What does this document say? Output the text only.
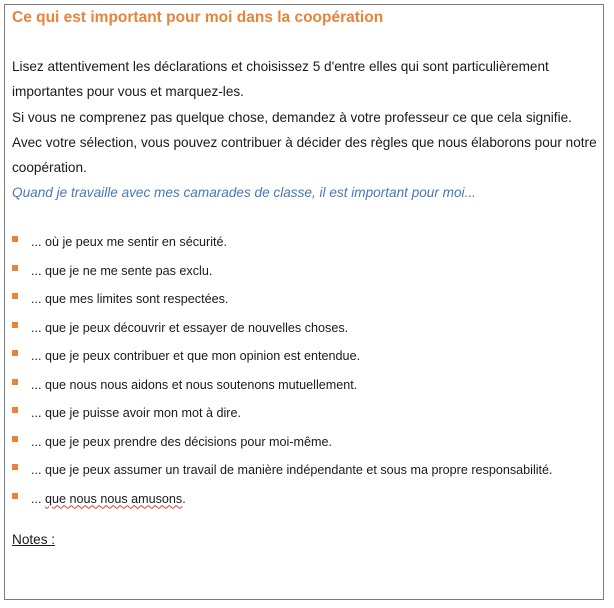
Ce qui est important pour moi dans la coopération

Lisez attentivement les déclarations et choisissez 5 d'entre elles qui sont particulièrement importantes pour vous et marquez-les.

Si vous ne comprenez pas quelque chose, demandez à votre professeur ce que cela signifie.

Avec votre sélection, vous pouvez contribuer à décider des règles que nous élaborons pour notre coopération.

Quand je travaille avec mes camarades de classe, il est important pour moi...

... où je peux me sentir en sécurité.
... que je ne me sente pas exclu.
... que mes limites sont respectées.
... que je peux découvrir et essayer de nouvelles choses.
... que je peux contribuer et que mon opinion est entendue.
... que nous nous aidons et nous soutenons mutuellement.
... que je puisse avoir mon mot à dire.
... que je peux prendre des décisions pour moi-même.
... que je peux assumer un travail de manière indépendante et sous ma propre responsabilité.
... que nous nous amusons.
Notes :
